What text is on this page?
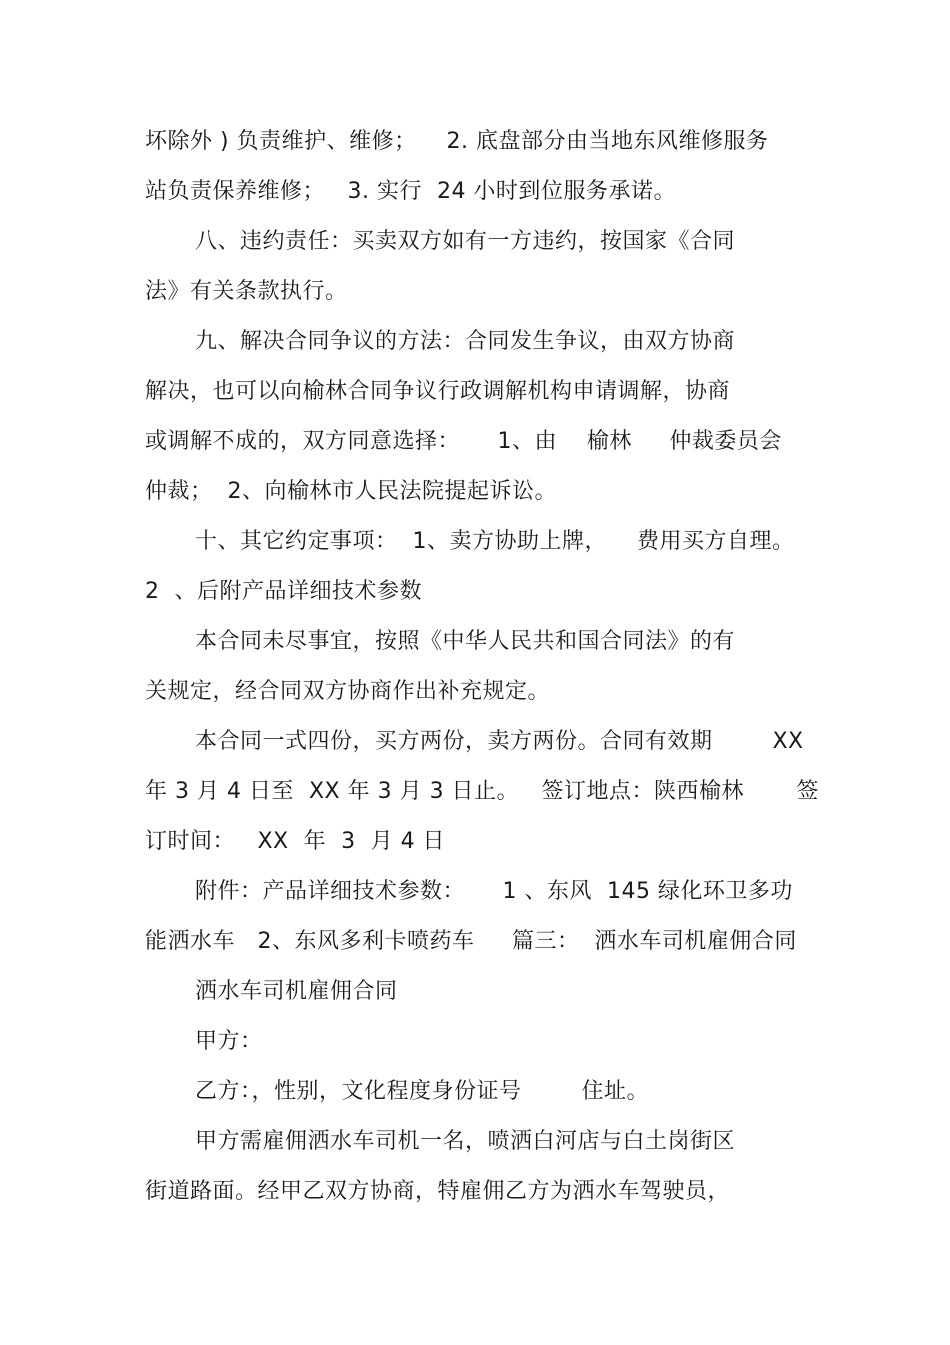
坏除外 ) 负责维护、维修；    2. 底盘部分由当地东风维修服务
站负责保养维修；   3. 实行  24 小时到位服务承诺。
八、违约责任：买卖双方如有一方违约，按国家《合同
法》有关条款执行。
九、解决合同争议的方法：合同发生争议，由双方协商
解决，也可以向榆林合同争议行政调解机构申请调解，协商
或调解不成的，双方同意选择：     1、由    榆林     仲裁委员会
仲裁；  2、向榆林市人民法院提起诉讼。
十、其它约定事项：  1、卖方协助上牌，    费用买方自理。
2  、后附产品详细技术参数
本合同未尽事宜，按照《中华人民共和国合同法》的有
关规定，经合同双方协商作出补充规定。
本合同一式四份，买方两份，卖方两份。合同有效期        XX
年 3 月 4 日至  XX 年 3 月 3 日止。   签订地点：陕西榆林       签
订时间：   XX  年  3  月 4 日
附件：产品详细技术参数：     1 、东风  145 绿化环卫多功
能洒水车   2、东风多利卡喷药车     篇三：  洒水车司机雇佣合同
洒水车司机雇佣合同
甲方：
乙方：，性别，文化程度身份证号        住址。
甲方需雇佣洒水车司机一名，喷洒白河店与白土岗街区
街道路面。经甲乙双方协商，特雇佣乙方为洒水车驾驶员，
